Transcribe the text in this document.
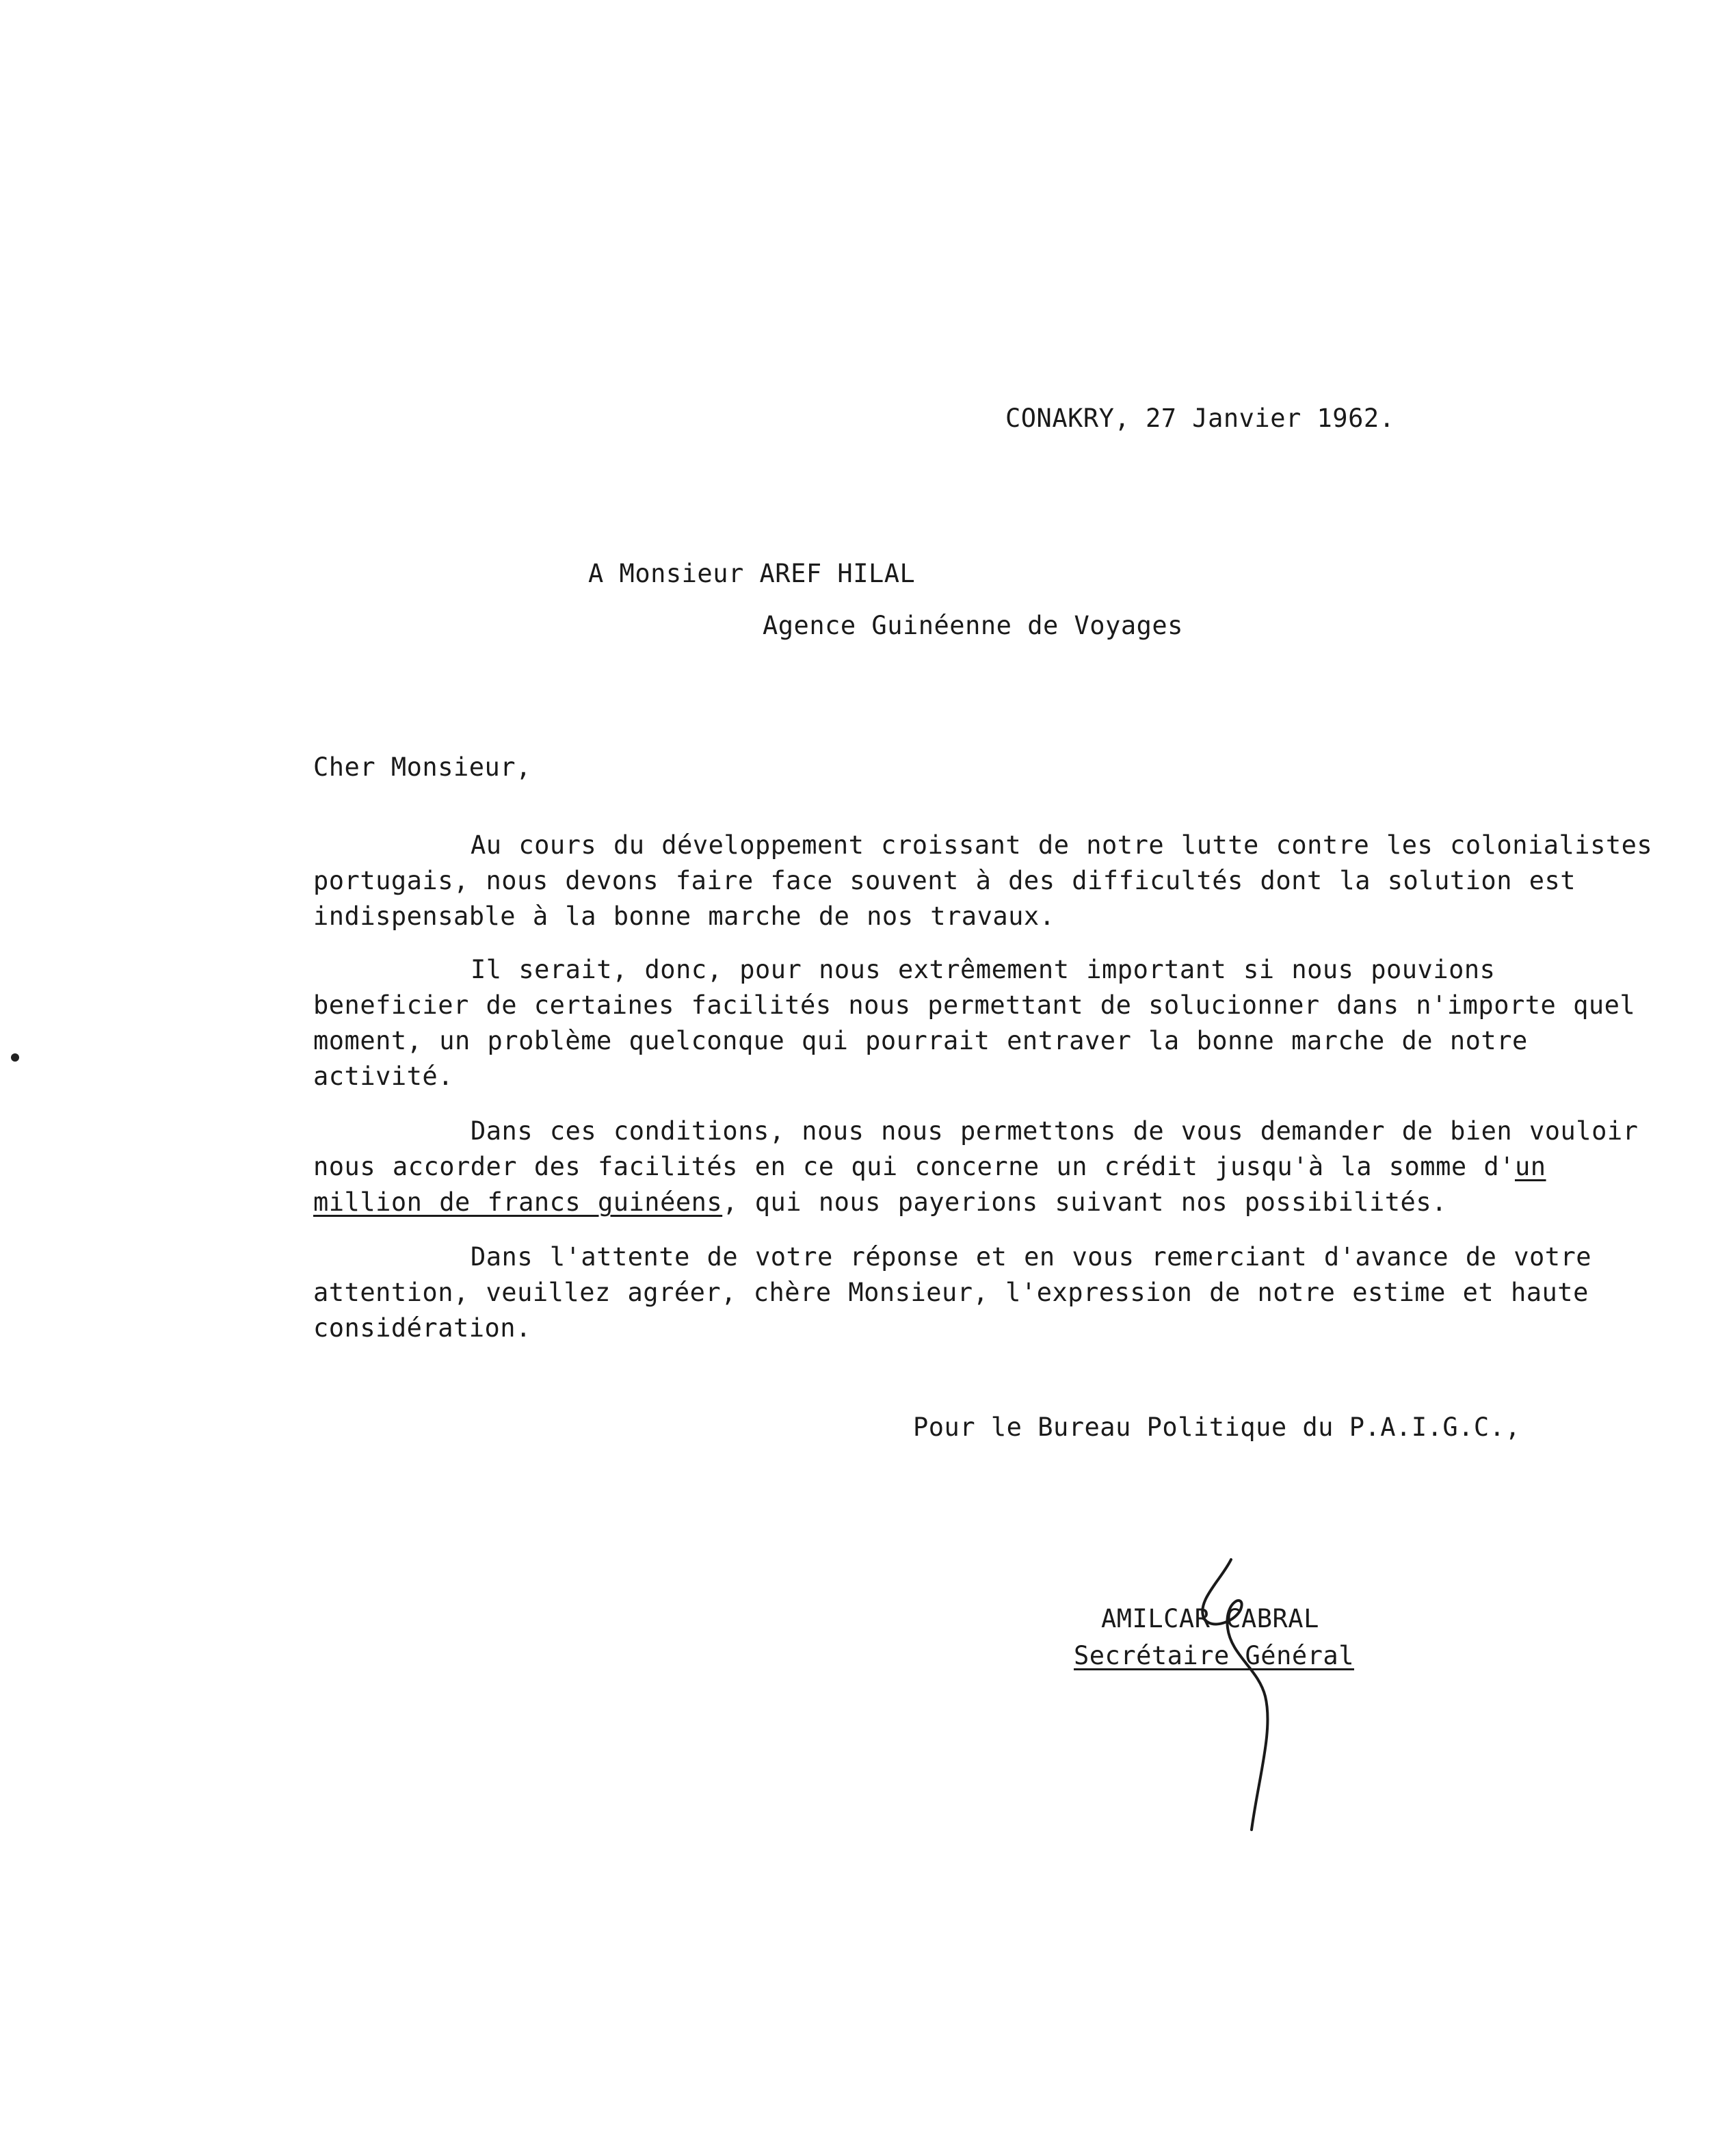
CONAKRY, 27 Janvier 1962.
A Monsieur AREF HILAL
Agence Guinéenne de Voyages
Cher Monsieur,

Au cours du développement croissant de notre lutte contre les colonialistes portugais, nous devons faire face souvent à des difficultés dont la solution est indispensable à la bonne marche de nos travaux.

Il serait, donc, pour nous extrêmement important si nous pouvions beneficier de certaines facilités nous permettant de solucionner dans n'importe quel moment, un problème quelconque qui pourrait entraver la bonne marche de notre activité.

Dans ces conditions, nous nous permettons de vous demander de bien vouloir nous accorder des facilités en ce qui concerne un crédit jusqu'à la somme d'un million de francs guinéens, qui nous payerions suivant nos possibilités.

Dans l'attente de votre réponse et en vous remerciant d'avance de votre attention, veuillez agréer, chère Monsieur, l'expression de notre estime et haute considération.

Pour le Bureau Politique du P.A.I.G.C.,
AMILCAR CABRAL
Secrétaire Général
